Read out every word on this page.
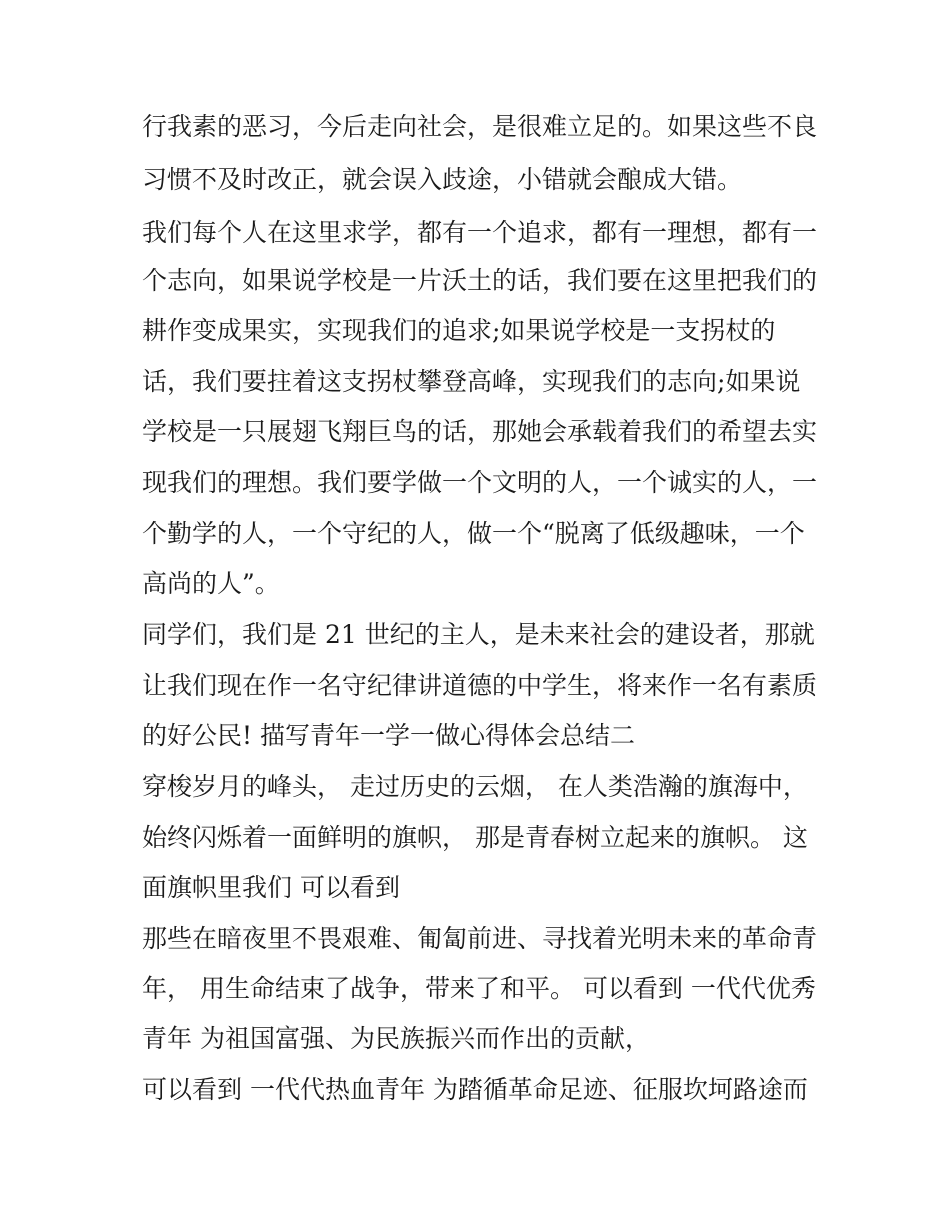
行我素的恶习，今后走向社会，是很难立足的。如果这些不良
习惯不及时改正，就会误入歧途，小错就会酿成大错。
我们每个人在这里求学，都有一个追求，都有一理想，都有一
个志向，如果说学校是一片沃土的话，我们要在这里把我们的
耕作变成果实，实现我们的追求;如果说学校是一支拐杖的
话，我们要拄着这支拐杖攀登高峰，实现我们的志向;如果说
学校是一只展翅飞翔巨鸟的话，那她会承载着我们的希望去实
现我们的理想。我们要学做一个文明的人，一个诚实的人，一
个勤学的人，一个守纪的人，做一个“脱离了低级趣味，一个
高尚的人”。
同学们，我们是 21 世纪的主人，是未来社会的建设者，那就
让我们现在作一名守纪律讲道德的中学生，将来作一名有素质
的好公民! 描写青年一学一做心得体会总结二
穿梭岁月的峰头， 走过历史的云烟， 在人类浩瀚的旗海中，
始终闪烁着一面鲜明的旗帜， 那是青春树立起来的旗帜。 这
面旗帜里我们 可以看到
那些在暗夜里不畏艰难、匍匐前进、寻找着光明未来的革命青
年， 用生命结束了战争，带来了和平。 可以看到 一代代优秀
青年 为祖国富强、为民族振兴而作出的贡献，
可以看到 一代代热血青年 为踏循革命足迹、征服坎坷路途而
